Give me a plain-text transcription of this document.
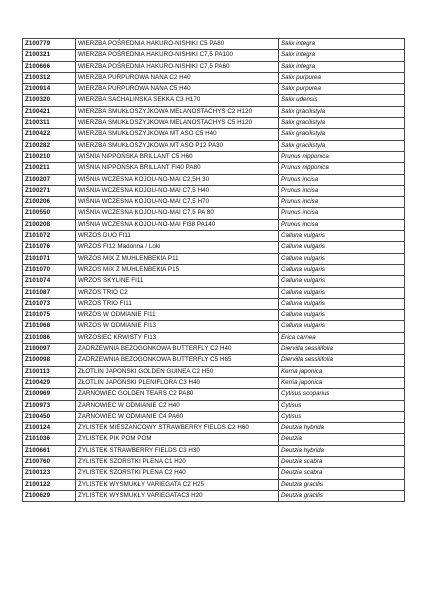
Z100779	WIERZBA POŚREDNIA HAKURO-NISHIKI C5 PA80	Salix integra
Z100321	WIERZBA POŚREDNIA HAKURO-NISHIKI C7,5 PA100	Salix integra
Z100666	WIERZBA POŚREDNIA HAKURO-NISHIKI C7,5 PA60	Salix integra
Z100312	WIERZBA PURPUROWA NANA C2 H40	Salix purpurea
Z100914	WIERZBA PURPUROWA NANA C5 H40	Salix purpurea
Z100320	WIERZBA SACHALIŃSKA SEKKA C3 H170	Salix udensis
Z100421	WIERZBA SMUKŁOSZYJKOWA MELANOSTACHYS C2 H120	Salix gracilistyla
Z100311	WIERZBA SMUKŁOSZYJKOWA MELANOSTACHYS C5 H120	Salix gracilistyla
Z100422	WIERZBA SMUKŁOSZYJKOWA MT ASO C5 H40	Salix gracilistyla
Z100282	WIERZBA SMUKŁOSZYJKOWA MT ASO P12 PA30	Salix gracilistyla
Z100210	WIŚNIA NIPPOŃSKA BRILLANT C5 H60	Prunus nipponica
Z100211	WIŚNIA NIPPOŃSKA BRILLANT FI40 PA80	Prunus nipponica
Z100207	WIŚNIA WCZESNA KOJOU-NO-MAI C2,5H 30	Prunus incisa
Z100271	WIŚNIA WCZESNA KOJOU-NO-MAI C7,5 H40	Prunus incisa
Z100206	WIŚNIA WCZESNA KOJOU-NO-MAI C7,5 H70	Prunus incisa
Z100550	WIŚNIA WCZESNA KOJOU-NO-MAI C7,5 PA 80	Prunus incisa
Z100208	WIŚNIA WCZESNA KOJOU-NO-MAI FI38 PA140	Prunus incisa
Z101072	WRZOS DUO FI11	Calluna vulgaris
Z101076	WRZOS FI12 Madonna / Loki	Calluna vulgaris
Z101071	WRZOS MIX Z MUHLENBEKIA P11	Calluna vulgaris
Z101070	WRZOS MIX Z MUHLENBEKIA P15	Calluna vulgaris
Z101074	WRZOS SKYLINE FI11	Calluna vulgaris
Z101087	WRZOS TRIO C2	Calluna vulgaris
Z101073	WRZOS TRIO FI11	Calluna vulgaris
Z101075	WRZOS W ODMIANIE FI11	Calluna vulgaris
Z101068	WRZOS W ODMIANIE FI13	Calluna vulgaris
Z101086	WRZOSIEC KRWISTY FI13	Erica carnea
Z100097	ZADRZEWNIA BEZOGONKOWA BUTTERFLY C2 H40	Diervilla sessilifolia
Z100098	ZADRZEWNIA BEZOGONKOWA BUTTERFLY C5 H65	Diervilla sessilifolia
Z100113	ZŁOTLIN JAPOŃSKI GOLDEN GUINEA C2 H50	Kerria japonica
Z100429	ZŁOTLIN JAPOŃSKI PLENIFLORA C3 H40	Kerria japonica
Z100969	ŻARNOWIEC GOLDEN TEARS C2 PA80	Cytisus scoparius
Z100973	ŻARNOWIEC W ODMIANIE C2 H40	Cytisus
Z100450	ŻARNOWIEC W ODMIANIE C4 PA60	Cytisus
Z100124	ŻYLISTEK MIESZAŃCOWY STRAWBERRY FIELDS C2 H60	Deutzia hybrida
Z101036	ŻYLISTEK PIK POM POM	Deutzia
Z100661	ŻYLISTEK STRAWBERRY FIELDS C3 H30	Deutzia hybrida
Z100760	ŻYLISTEK SZORSTKI PLENA C1 H20	Deutzia scabra
Z100123	ŻYLISTEK SZORSTKI PLENA C2 H40	Deutzia scabra
Z100122	ŻYLISTEK WYSMUKŁY VARIEGATA C2 H25	Deutzia gracilis
Z100629	ŻYLISTEK WYSMUKŁY VARIEGATAC3 H20	Deutzia gracilis
